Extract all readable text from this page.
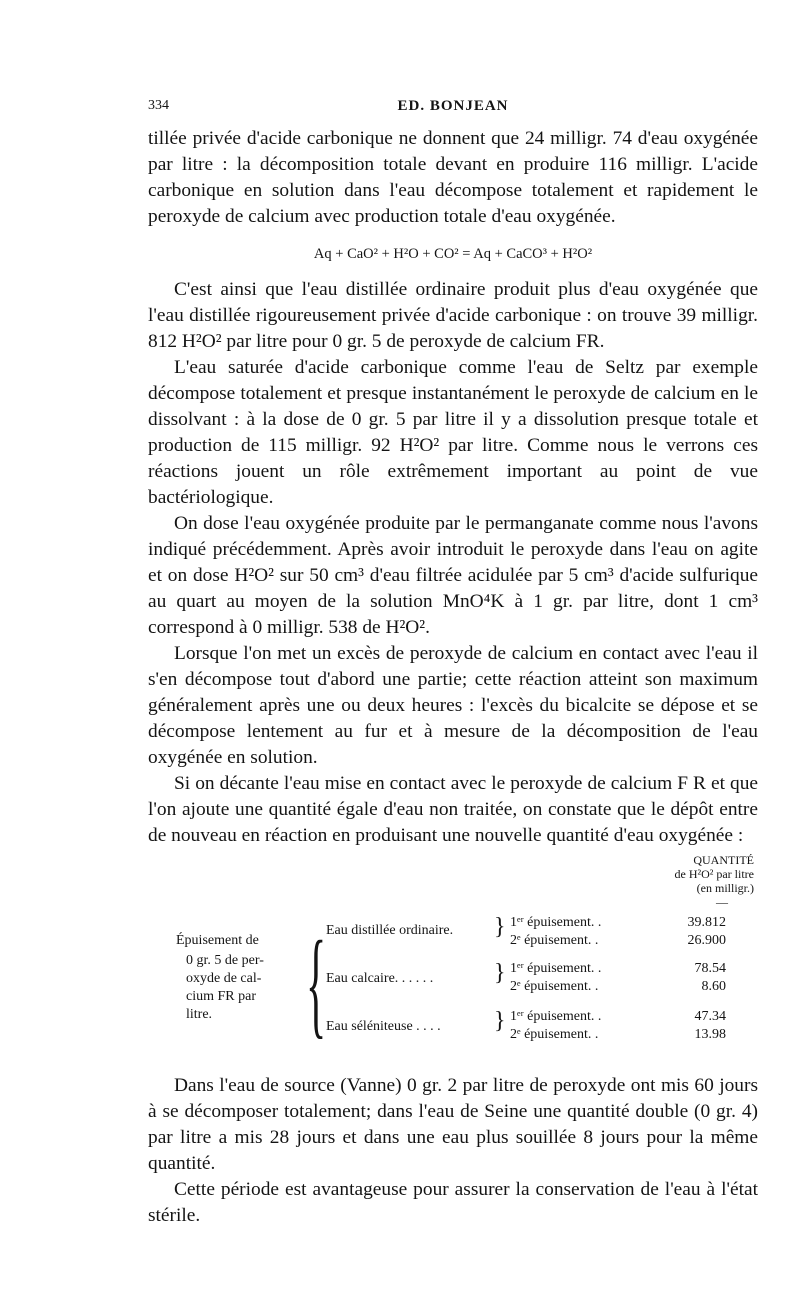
334	ED. BONJEAN

tillée privée d'acide carbonique ne donnent que 24 milligr. 74 d'eau oxygénée par litre : la décomposition totale devant en produire 116 milligr. L'acide carbonique en solution dans l'eau décompose totalement et rapidement le peroxyde de calcium avec production totale d'eau oxygénée.

Aq + CaO² + H²O + CO² = Aq + CaCO³ + H²O²

C'est ainsi que l'eau distillée ordinaire produit plus d'eau oxygénée que l'eau distillée rigoureusement privée d'acide carbonique : on trouve 39 milligr. 812 H²O² par litre pour 0 gr. 5 de peroxyde de calcium FR.

L'eau saturée d'acide carbonique comme l'eau de Seltz par exemple décompose totalement et presque instantanément le peroxyde de calcium en le dissolvant : à la dose de 0 gr. 5 par litre il y a dissolution presque totale et production de 115 milligr. 92 H²O² par litre. Comme nous le verrons ces réactions jouent un rôle extrêmement important au point de vue bactériologique.

On dose l'eau oxygénée produite par le permanganate comme nous l'avons indiqué précédemment. Après avoir introduit le peroxyde dans l'eau on agite et on dose H²O² sur 50 cm³ d'eau filtrée acidulée par 5 cm³ d'acide sulfurique au quart au moyen de la solution MnO⁴K à 1 gr. par litre, dont 1 cm³ correspond à 0 milligr. 538 de H²O².

Lorsque l'on met un excès de peroxyde de calcium en contact avec l'eau il s'en décompose tout d'abord une partie; cette réaction atteint son maximum généralement après une ou deux heures : l'excès du bicalcite se dépose et se décompose lentement au fur et à mesure de la décomposition de l'eau oxygénée en solution.

Si on décante l'eau mise en contact avec le peroxyde de calcium F R et que l'on ajoute une quantité égale d'eau non traitée, on constate que le dépôt entre de nouveau en réaction en produisant une nouvelle quantité d'eau oxygénée :

QUANTITÉ
de H²O² par litre
(en milligr.)
—
Épuisement de
0 gr. 5 de per-
oxyde de cal-
cium FR par
litre. { Eau distillée ordinaire. } 1ᵉʳ épuisement. .	39.812
2ᵉ épuisement. .	26.900
Eau calcaire. . . . . .	} 1ᵉʳ épuisement. .	78.54
2ᵉ épuisement. .	8.60
Eau séléniteuse . . . . } 1ᵉʳ épuisement. .	47.34
2ᵉ épuisement. .	13.98

Dans l'eau de source (Vanne) 0 gr. 2 par litre de peroxyde ont mis 60 jours à se décomposer totalement; dans l'eau de Seine une quantité double (0 gr. 4) par litre a mis 28 jours et dans une eau plus souillée 8 jours pour la même quantité.

Cette période est avantageuse pour assurer la conservation de l'eau à l'état stérile.
